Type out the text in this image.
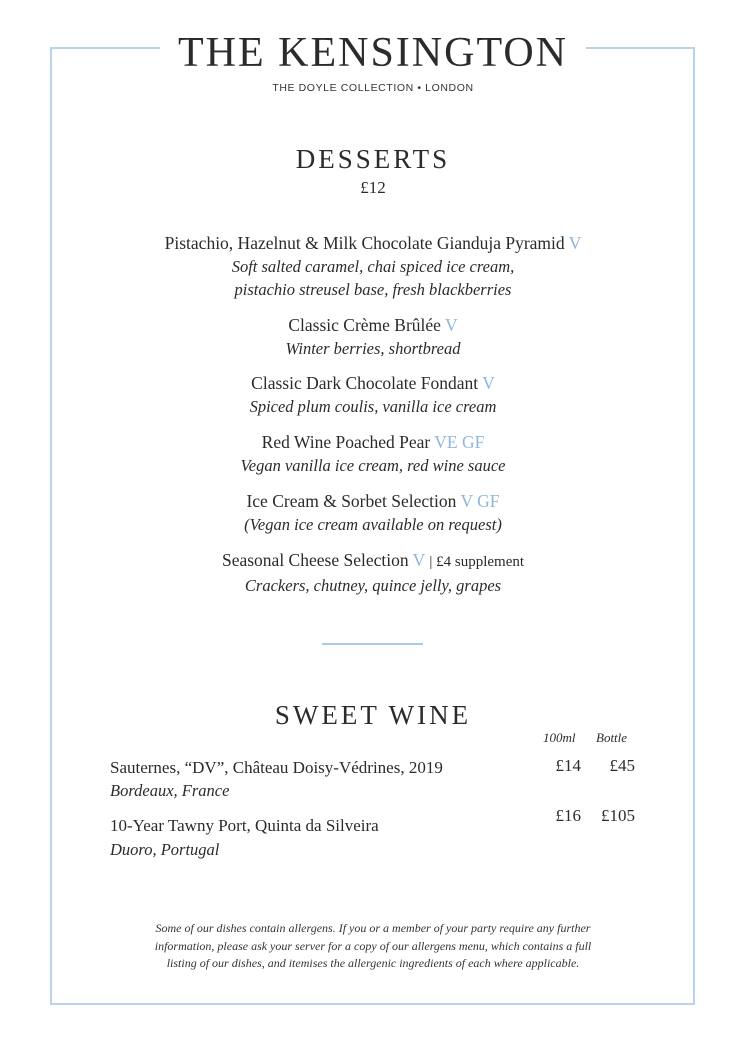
THE KENSINGTON
THE DOYLE COLLECTION • LONDON
DESSERTS
£12
Pistachio, Hazelnut & Milk Chocolate Gianduja Pyramid V
Soft salted caramel, chai spiced ice cream,
pistachio streusel base, fresh blackberries
Classic Crème Brûlée V
Winter berries, shortbread
Classic Dark Chocolate Fondant V
Spiced plum coulis, vanilla ice cream
Red Wine Poached Pear VE GF
Vegan vanilla ice cream, red wine sauce
Ice Cream & Sorbet Selection V GF
(Vegan ice cream available on request)
Seasonal Cheese Selection V | £4 supplement
Crackers, chutney, quince jelly, grapes
SWEET WINE
100ml Bottle
Sauternes, “DV”, Château Doisy-Védrines, 2019
Bordeaux, France
£14 £45
10-Year Tawny Port, Quinta da Silveira
Duoro, Portugal
£16 £105
Some of our dishes contain allergens. If you or a member of your party require any further
information, please ask your server for a copy of our allergens menu, which contains a full
listing of our dishes, and itemises the allergenic ingredients of each where applicable.
